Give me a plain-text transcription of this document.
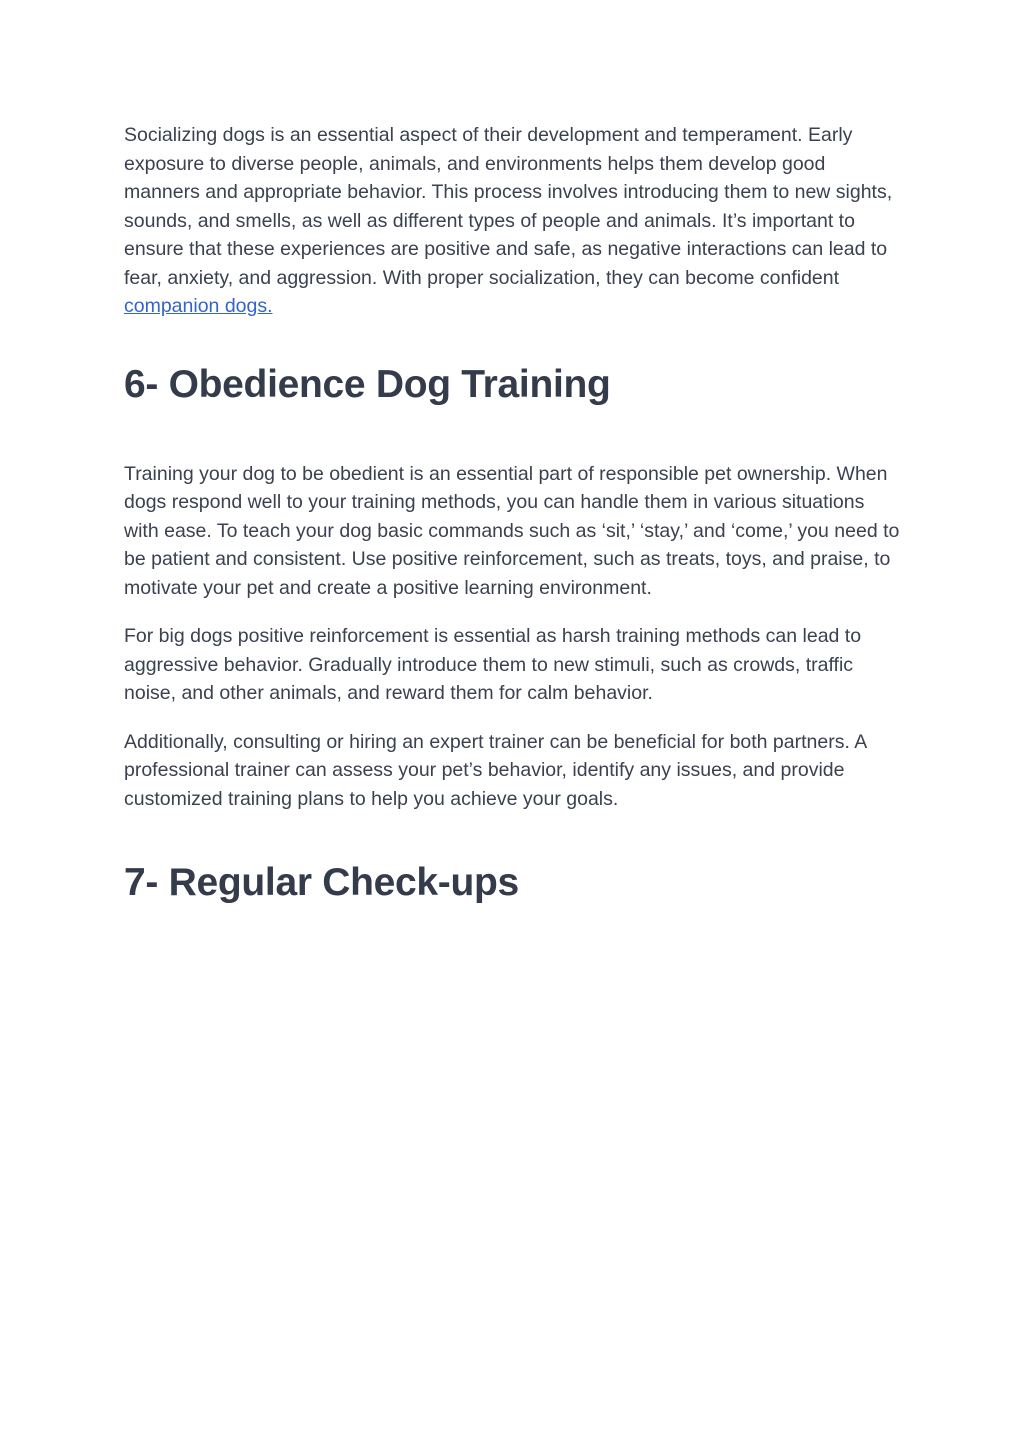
Socializing dogs is an essential aspect of their development and temperament. Early exposure to diverse people, animals, and environments helps them develop good manners and appropriate behavior. This process involves introducing them to new sights, sounds, and smells, as well as different types of people and animals. It’s important to ensure that these experiences are positive and safe, as negative interactions can lead to fear, anxiety, and aggression. With proper socialization, they can become confident companion dogs.

6- Obedience Dog Training

Training your dog to be obedient is an essential part of responsible pet ownership. When dogs respond well to your training methods, you can handle them in various situations with ease. To teach your dog basic commands such as ‘sit,’ ‘stay,’ and ‘come,’ you need to be patient and consistent. Use positive reinforcement, such as treats, toys, and praise, to motivate your pet and create a positive learning environment.

For big dogs positive reinforcement is essential as harsh training methods can lead to aggressive behavior. Gradually introduce them to new stimuli, such as crowds, traffic noise, and other animals, and reward them for calm behavior.

Additionally, consulting or hiring an expert trainer can be beneficial for both partners. A professional trainer can assess your pet’s behavior, identify any issues, and provide customized training plans to help you achieve your goals.

7- Regular Check-ups
